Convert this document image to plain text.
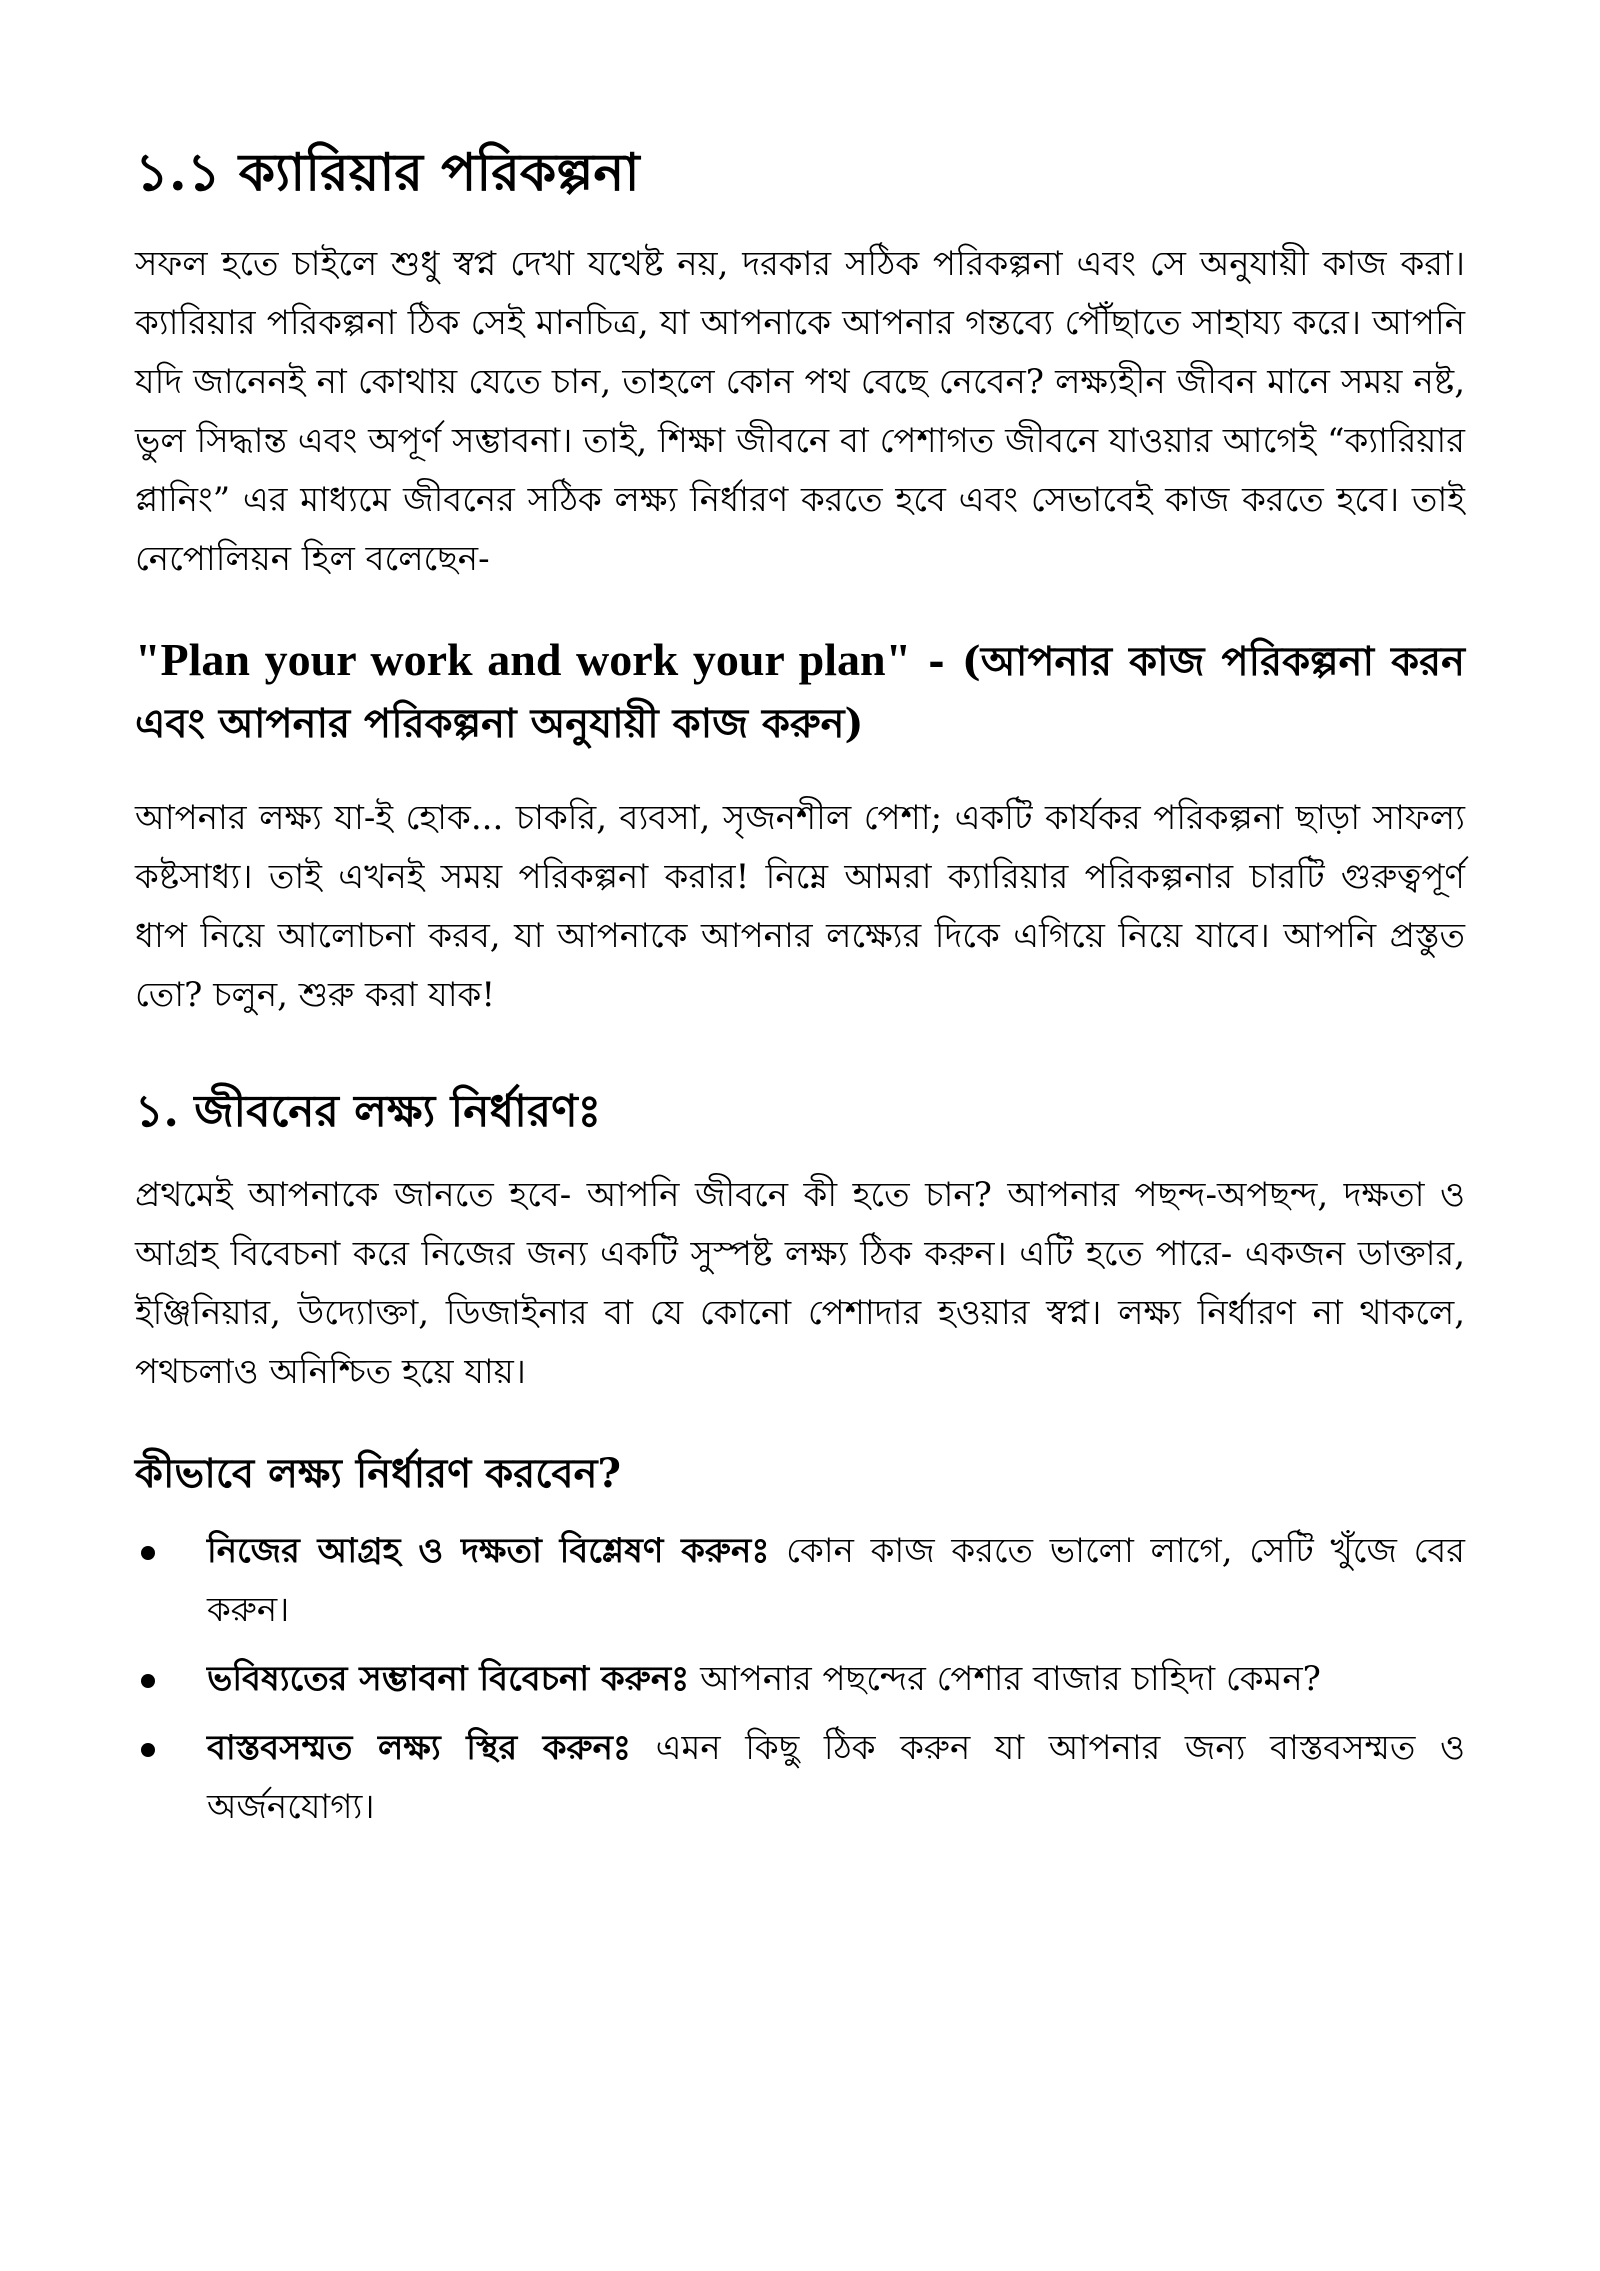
১.১ ক্যারিয়ার পরিকল্পনা

সফল হতে চাইলে শুধু স্বপ্ন দেখা যথেষ্ট নয়, দরকার সঠিক পরিকল্পনা এবং সে অনুযায়ী কাজ করা। ক্যারিয়ার পরিকল্পনা ঠিক সেই মানচিত্র, যা আপনাকে আপনার গন্তব্যে পৌঁছাতে সাহায্য করে। আপনি যদি জানেনই না কোথায় যেতে চান, তাহলে কোন পথ বেছে নেবেন? লক্ষ্যহীন জীবন মানে সময় নষ্ট, ভুল সিদ্ধান্ত এবং অপূর্ণ সম্ভাবনা। তাই, শিক্ষা জীবনে বা পেশাগত জীবনে যাওয়ার আগেই “ক্যারিয়ার প্লানিং” এর মাধ্যমে জীবনের সঠিক লক্ষ্য নির্ধারণ করতে হবে এবং সেভাবেই কাজ করতে হবে। তাই নেপোলিয়ন হিল বলেছেন-

"Plan your work and work your plan" - (আপনার কাজ পরিকল্পনা করন এবং আপনার পরিকল্পনা অনুযায়ী কাজ করুন)

আপনার লক্ষ্য যা-ই হোক... চাকরি, ব্যবসা, সৃজনশীল পেশা; একটি কার্যকর পরিকল্পনা ছাড়া সাফল্য কষ্টসাধ্য। তাই এখনই সময় পরিকল্পনা করার! নিম্নে আমরা ক্যারিয়ার পরিকল্পনার চারটি গুরুত্বপূর্ণ ধাপ নিয়ে আলোচনা করব, যা আপনাকে আপনার লক্ষ্যের দিকে এগিয়ে নিয়ে যাবে। আপনি প্রস্তুত তো? চলুন, শুরু করা যাক!

১. জীবনের লক্ষ্য নির্ধারণঃ

প্রথমেই আপনাকে জানতে হবে- আপনি জীবনে কী হতে চান? আপনার পছন্দ-অপছন্দ, দক্ষতা ও আগ্রহ বিবেচনা করে নিজের জন্য একটি সুস্পষ্ট লক্ষ্য ঠিক করুন। এটি হতে পারে- একজন ডাক্তার, ইঞ্জিনিয়ার, উদ্যোক্তা, ডিজাইনার বা যে কোনো পেশাদার হওয়ার স্বপ্ন। লক্ষ্য নির্ধারণ না থাকলে, পথচলাও অনিশ্চিত হয়ে যায়।

কীভাবে লক্ষ্য নির্ধারণ করবেন?
নিজের আগ্রহ ও দক্ষতা বিশ্লেষণ করুনঃ কোন কাজ করতে ভালো লাগে, সেটি খুঁজে বের করুন।
ভবিষ্যতের সম্ভাবনা বিবেচনা করুনঃ আপনার পছন্দের পেশার বাজার চাহিদা কেমন?
বাস্তবসম্মত লক্ষ্য স্থির করুনঃ এমন কিছু ঠিক করুন যা আপনার জন্য বাস্তবসম্মত ও অর্জনযোগ্য।
